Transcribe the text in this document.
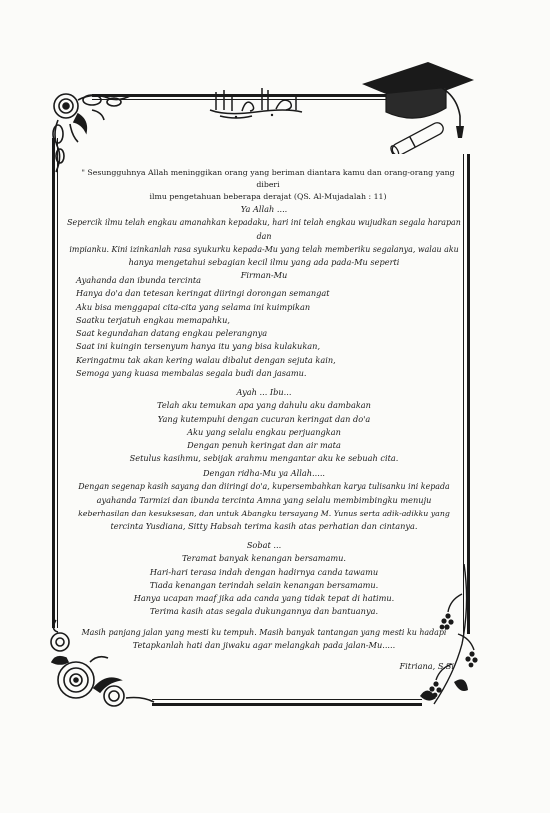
" Sesungguhnya Allah meninggikan orang yang beriman diantara kamu dan orang-orang yang diberi

ilmu pengetahuan beberapa derajat (QS. Al-Mujadalah : 11)

Ya Allah ....

Sepercik ilmu telah engkau amanahkan kepadaku, hari ini telah engkau wujudkan segala harapan dan

impianku. Kini izinkanlah rasa syukurku kepada-Mu yang telah memberiku segalanya, walau aku

hanya mengetahui sebagian kecil ilmu yang ada pada-Mu seperti

Firman-Mu

Ayahanda dan ibunda tercinta

Hanya do'a dan tetesan keringat diiringi dorongan semangat

Aku bisa menggapai cita-cita yang selama ini kuimpikan

Saatku terjatuh engkau memapahku,

Saat kegundahan datang engkau pelerangnya

Saat ini kuingin tersenyum hanya itu yang bisa kulakukan,

Keringatmu tak akan kering walau dibalut dengan sejuta kain,

Semoga yang kuasa membalas segala budi dan jasamu.

Ayah ... Ibu...

Telah aku temukan apa yang dahulu aku dambakan

Yang kutempuhi dengan cucuran keringat dan do'a

Aku yang selalu engkau perjuangkan

Dengan penuh keringat dan air mata

Setulus kasihmu, sebijak arahmu mengantar aku ke sebuah cita.

Dengan ridha-Mu ya Allah.....

Dengan segenap kasih sayang dan diiringi do'a, kupersembahkan karya tulisanku ini kepada

ayahanda Tarmizi dan ibunda tercinta Amna yang selalu membimbingku menuju

keberhasilan dan kesuksesan, dan untuk Abangku tersayang M. Yunus serta adik-adikku yang

tercinta Yusdiana, Sitty Habsah terima kasih atas perhatian dan cintanya.

Sobat ...

Teramat banyak kenangan bersamamu.

Hari-hari terasa indah dengan hadirnya canda tawamu

Tiada kenangan terindah selain kenangan bersamamu.

Hanya ucapan maaf jika ada canda yang tidak tepat di hatimu.

Terima kasih atas segala dukungannya dan bantuanya.

Masih panjang jalan yang mesti ku tempuh. Masih banyak tantangan yang mesti ku hadapi

Tetapkanlah hati dan jiwaku agar melangkah pada jalan-Mu.....

Fitriana, S.Si
